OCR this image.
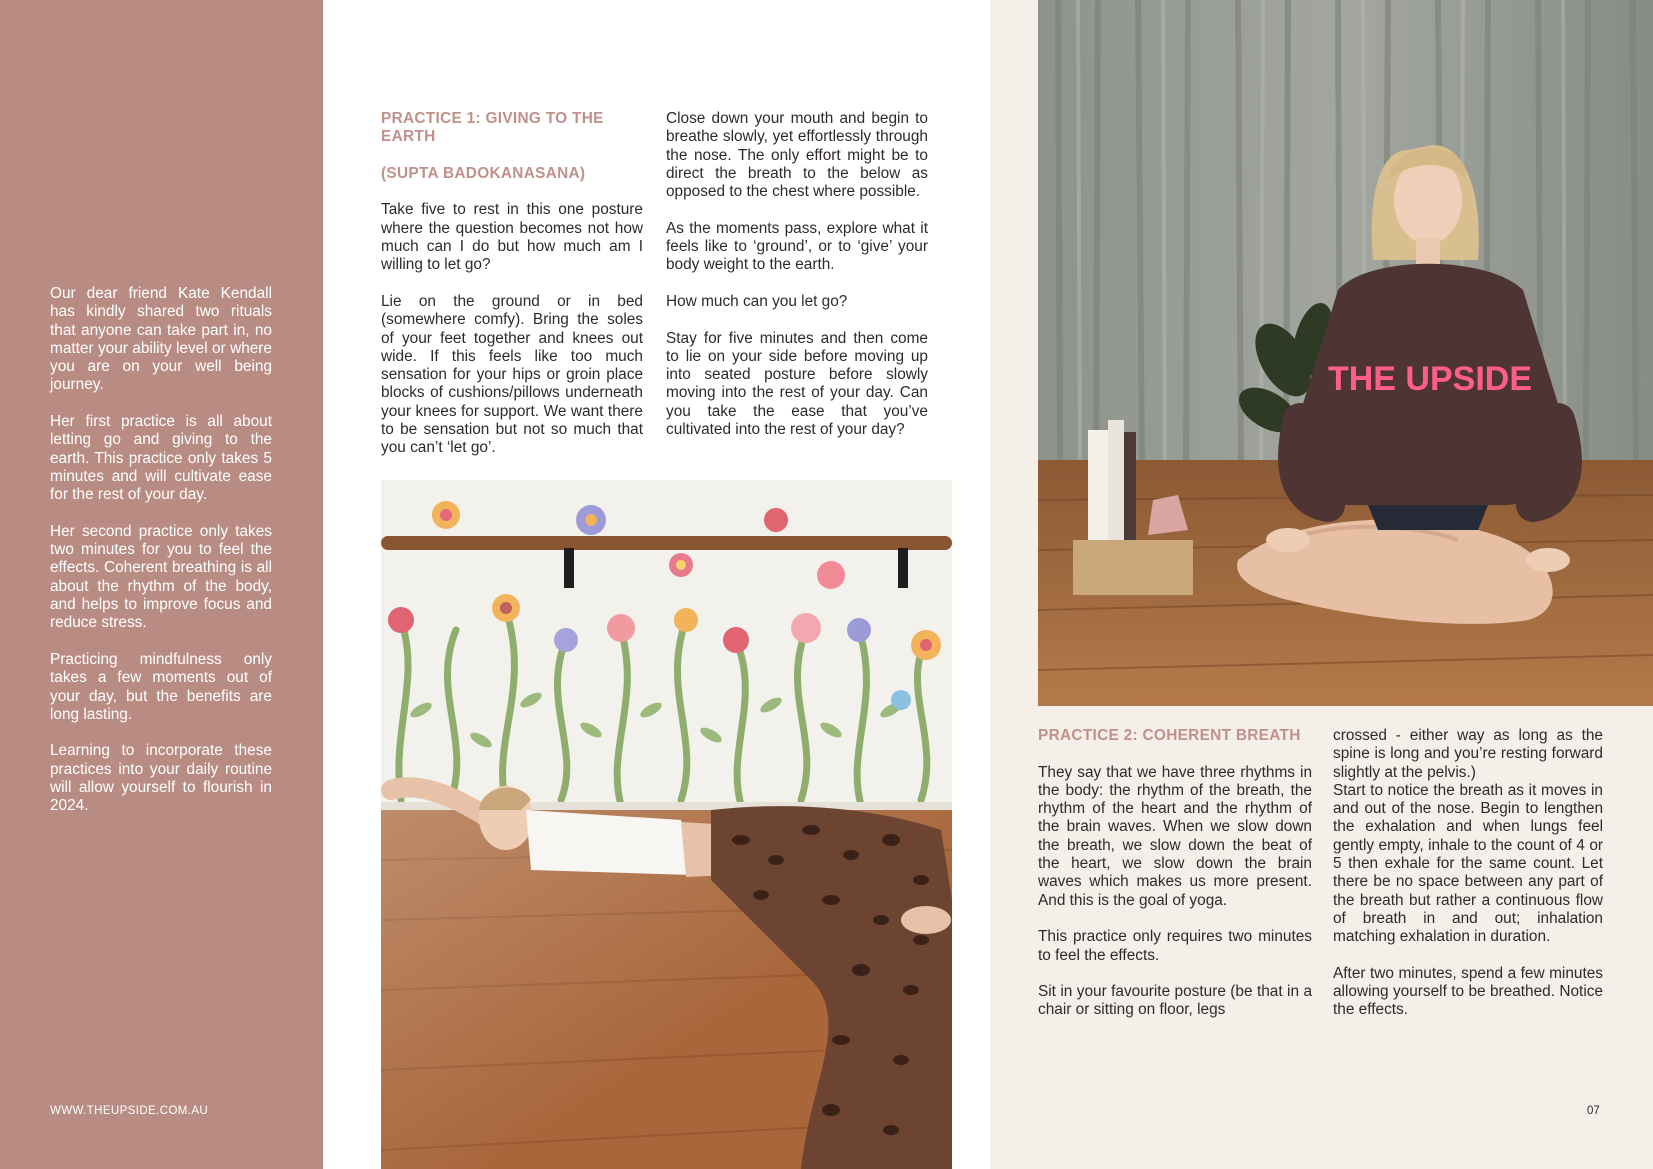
Our dear friend Kate Kendall has kindly shared two rituals that anyone can take part in, no matter your ability level or where you are on your well being journey.

Her first practice is all about letting go and giving to the earth. This practice only takes 5 minutes and will cultivate ease for the rest of your day.

Her second practice only takes two minutes for you to feel the effects. Coherent breathing is all about the rhythm of the body, and helps to improve focus and reduce stress.

Practicing mindfulness only takes a few moments out of your day, but the benefits are long lasting.

Learning to incorporate these practices into your daily routine will allow yourself to flourish in 2024.

WWW.THEUPSIDE.COM.AU

PRACTICE 1: GIVING TO THE EARTH

(SUPTA BADOKANASANA)

Take five to rest in this one posture where the question becomes not how much can I do but how much am I willing to let go?

Lie on the ground or in bed (somewhere comfy). Bring the soles of your feet together and knees out wide. If this feels like too much sensation for your hips or groin place blocks of cushions/pillows underneath your knees for support. We want there to be sensation but not so much that you can’t ‘let go’.

Close down your mouth and begin to breathe slowly, yet effortlessly through the nose. The only effort might be to direct the breath to the below as opposed to the chest where possible.

As the moments pass, explore what it feels like to ‘ground’, or to ‘give’ your body weight to the earth.

How much can you let go?

Stay for five minutes and then come to lie on your side before moving up into seated posture before slowly moving into the rest of your day. Can you take the ease that you’ve cultivated into the rest of your day?

THE UPSIDE

PRACTICE 2: COHERENT BREATH

They say that we have three rhythms in the body: the rhythm of the breath, the rhythm of the heart and the rhythm of the brain waves. When we slow down the breath, we slow down the beat of the heart, we slow down the brain waves which makes us more present. And this is the goal of yoga.

This practice only requires two minutes to feel the effects.

Sit in your favourite posture (be that in a chair or sitting on floor, legs

crossed - either way as long as the spine is long and you’re resting forward slightly at the pelvis.)

Start to notice the breath as it moves in and out of the nose. Begin to lengthen the exhalation and when lungs feel gently empty, inhale to the count of 4 or 5 then exhale for the same count. Let there be no space between any part of the breath but rather a continuous flow of breath in and out; inhalation matching exhalation in duration.

After two minutes, spend a few minutes allowing yourself to be breathed. Notice the effects.

07
